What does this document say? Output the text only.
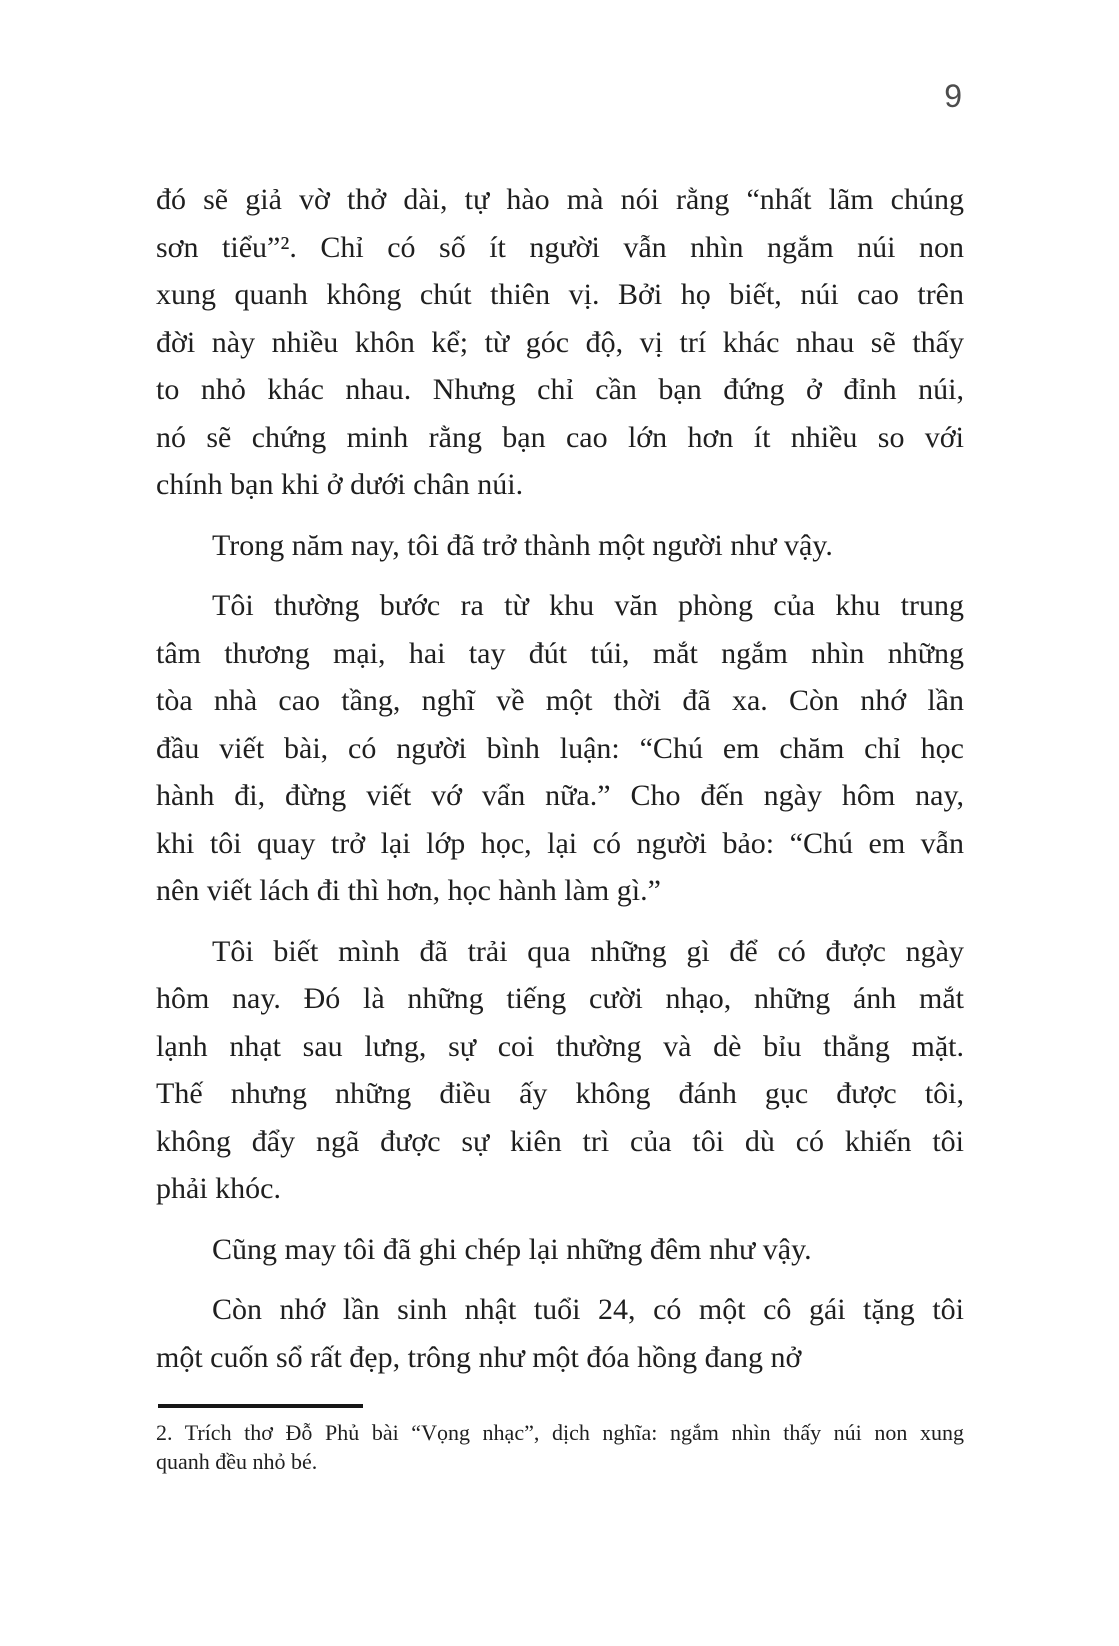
9

đó sẽ giả vờ thở dài, tự hào mà nói rằng “nhất lãm chúng
sơn tiểu”². Chỉ có số ít người vẫn nhìn ngắm núi non
xung quanh không chút thiên vị. Bởi họ biết, núi cao trên
đời này nhiều khôn kể; từ góc độ, vị trí khác nhau sẽ thấy
to nhỏ khác nhau. Nhưng chỉ cần bạn đứng ở đỉnh núi,
nó sẽ chứng minh rằng bạn cao lớn hơn ít nhiều so với
chính bạn khi ở dưới chân núi.

Trong năm nay, tôi đã trở thành một người như vậy.

Tôi thường bước ra từ khu văn phòng của khu trung
tâm thương mại, hai tay đút túi, mắt ngắm nhìn những
tòa nhà cao tầng, nghĩ về một thời đã xa. Còn nhớ lần
đầu viết bài, có người bình luận: “Chú em chăm chỉ học
hành đi, đừng viết vớ vẩn nữa.” Cho đến ngày hôm nay,
khi tôi quay trở lại lớp học, lại có người bảo: “Chú em vẫn
nên viết lách đi thì hơn, học hành làm gì.”

Tôi biết mình đã trải qua những gì để có được ngày
hôm nay. Đó là những tiếng cười nhạo, những ánh mắt
lạnh nhạt sau lưng, sự coi thường và dè bỉu thẳng mặt.
Thế nhưng những điều ấy không đánh gục được tôi,
không đẩy ngã được sự kiên trì của tôi dù có khiến tôi
phải khóc.

Cũng may tôi đã ghi chép lại những đêm như vậy.

Còn nhớ lần sinh nhật tuổi 24, có một cô gái tặng tôi
một cuốn sổ rất đẹp, trông như một đóa hồng đang nở

2. Trích thơ Đỗ Phủ bài “Vọng nhạc”, dịch nghĩa: ngắm nhìn thấy núi non xung
quanh đều nhỏ bé.
